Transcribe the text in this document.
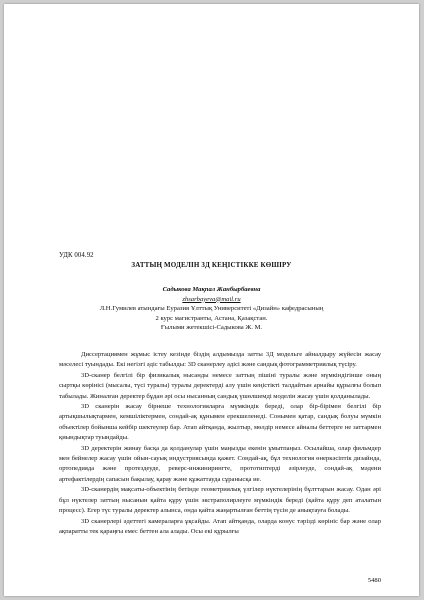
УДК 004.92
ЗАТТЫҢ МОДЕЛІН 3Д КЕҢІСТІККЕ КӨШІРУ
Садыкова Мақпал Жанбырбаевна
zhsarbayeva@mail.ru
Л.Н.Гумилев атындағы Еуразия Ұлттық Университеті «Дизайн» кафедрасының
2 курс магистранты, Астана, Қазақстан.
Ғылыми жетекшісі-Садыкова Ж. М.

Диссертациямен жұмыс істеу кезінде біздің алдымызда затты 3Д модельге айналдыру жүйесін жасау мәселесі туындады. Екі негізгі әдіс табылды: 3D сканерлеу әдісі және сандық фотограмметриялық түсіру.

3D-сканер белгілі бір физикалық нысанды немесе заттың пішіні туралы және мүмкіндігінше оның сыртқы көрінісі (мысалы, түсі туралы) туралы деректерді алу үшін кеңістікті талдайтын арнайы құрылғы болып табылады. Жиналған деректер бұдан әрі осы нысанның сандық үшөлшемді моделін жасау үшін қолданылады.

3D сканерін жасау бірнеше технологияларға мүмкіндік береді, олар бір-бірімен белгілі бір артықшылықтармен, кемшіліктермен, сондай-ақ құнымен ерекшеленеді. Сонымен қатар, сандық болуы мүмкін объектілер бойынша кейбір шектеулер бар. Атап айтқанда, жылтыр, мөлдір немесе айналы беттерге не заттармен қиындықтар туындайды.

3D деректерін жинау басқа да қолданулар үшін маңызды екенін ұмытпаңыз. Осылайша, олар фильмдер мен бейнелер жасау үшін ойын-сауық индустриясында қажет. Сондай-ақ, бұл технология өнеркәсіптік дизайнда, ортопедияда және протездеуде, реверс-инжинирингте, прототиптерді әзірлеуде, сондай-ақ мәдени артефактілердің сапасын бақылау, қарау және құжаттауда сұранысқа ие.

3D-сканердің мақсаты-объектінің бетінде геометриялық үлгілер нүктелерінің бұлттарын жасау. Одан әрі бұл нүктелер заттың нысанын қайта құру үшін экстраполирлеуге мүмкіндік береді (қайта құру деп аталатын процесс). Егер түс туралы деректер алынса, онда қайта жаңартылған беттің түсін де анықтауға болады.

3D сканерлері әдеттегі камераларға ұқсайды. Атап айтқанда, оларда конус тәрізді көрініс бар және олар ақпаратты тек қараңғы емес беттен ала алады. Осы екі құрылғы

5480
